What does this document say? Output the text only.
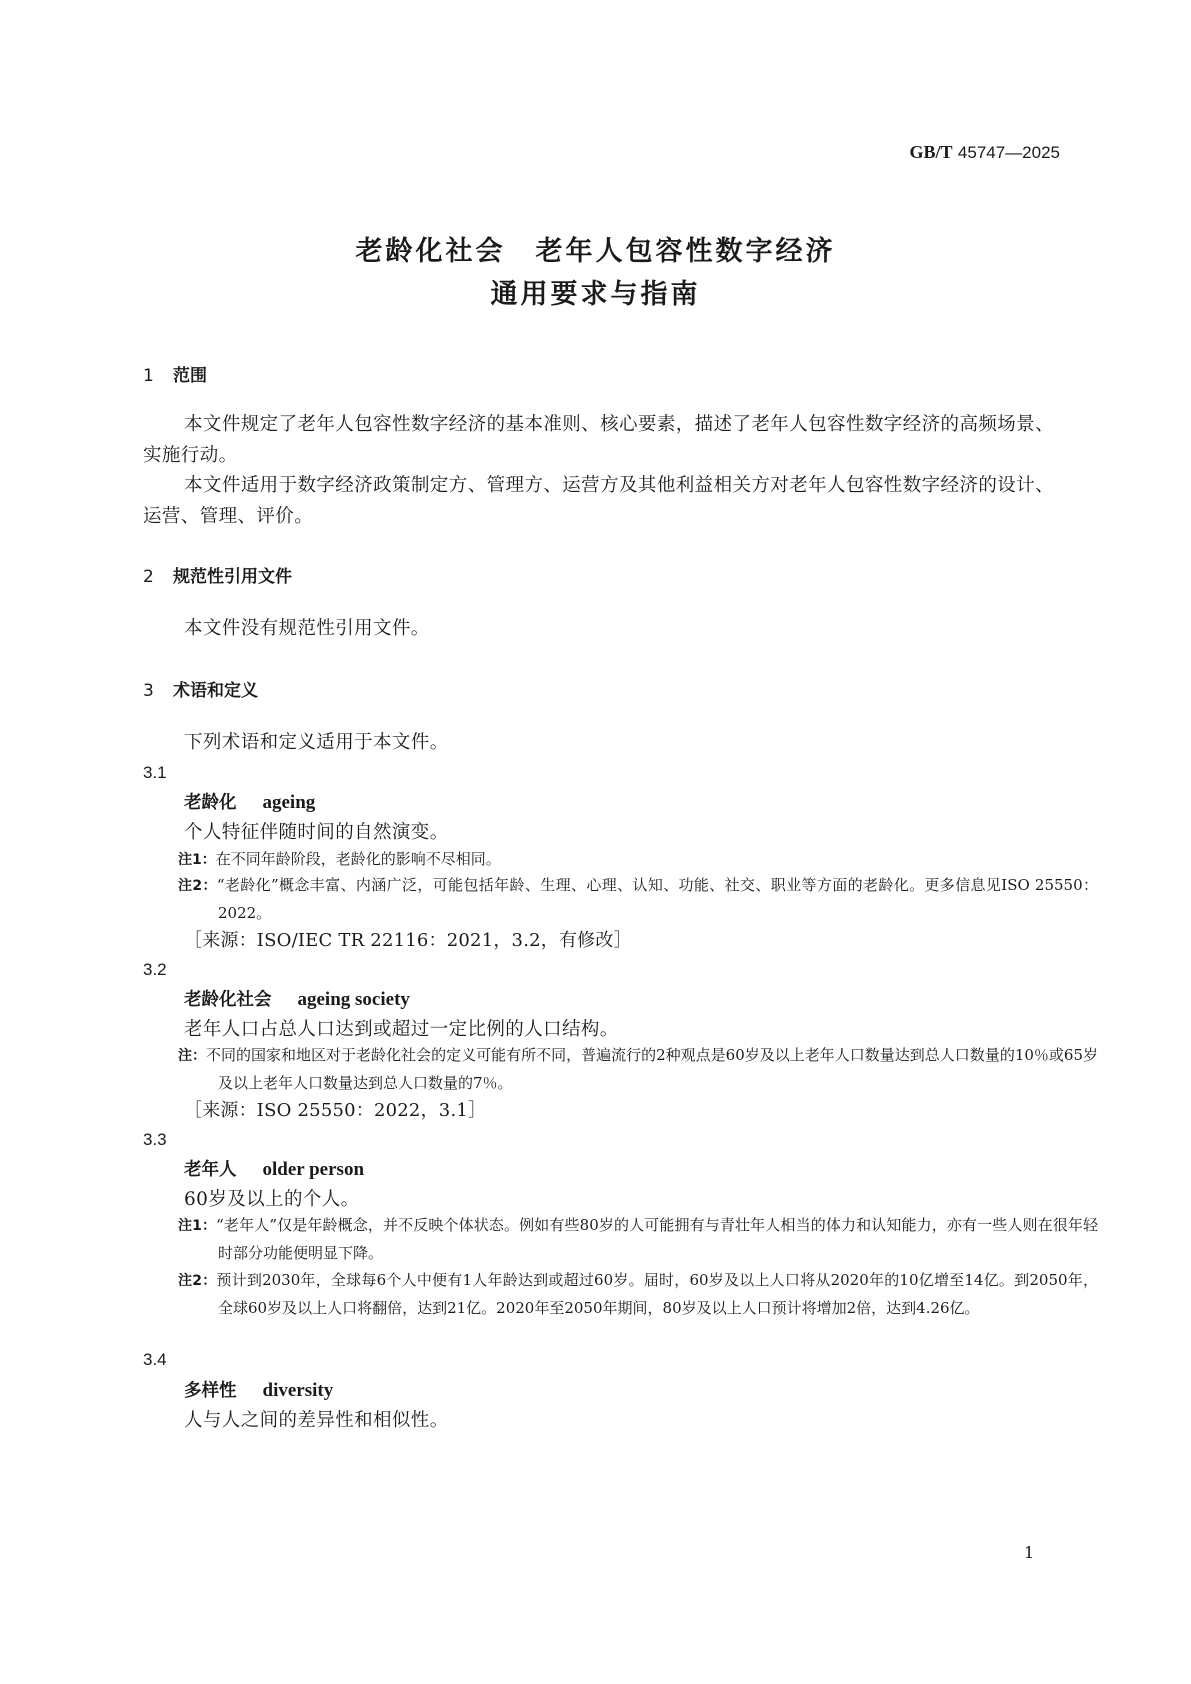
GB/T 45747—2025
老龄化社会　老年人包容性数字经济
通用要求与指南
1 范围
本文件规定了老年人包容性数字经济的基本准则、核心要素，描述了老年人包容性数字经济的高频场景、实施行动。
本文件适用于数字经济政策制定方、管理方、运营方及其他利益相关方对老年人包容性数字经济的设计、运营、管理、评价。
2 规范性引用文件
本文件没有规范性引用文件。
3 术语和定义
下列术语和定义适用于本文件。
3.1
老龄化 ageing
个人特征伴随时间的自然演变。
注1：在不同年龄阶段，老龄化的影响不尽相同。
注2：“老龄化”概念丰富、内涵广泛，可能包括年龄、生理、心理、认知、功能、社交、职业等方面的老龄化。更多信息见ISO 25550：2022。
［来源：ISO/IEC TR 22116：2021，3.2，有修改］
3.2
老龄化社会 ageing society
老年人口占总人口达到或超过一定比例的人口结构。
注：不同的国家和地区对于老龄化社会的定义可能有所不同，普遍流行的2种观点是60岁及以上老年人口数量达到总人口数量的10％或65岁及以上老年人口数量达到总人口数量的7％。
［来源：ISO 25550：2022，3.1］
3.3
老年人 older person
60岁及以上的个人。
注1：“老年人”仅是年龄概念，并不反映个体状态。例如有些80岁的人可能拥有与青壮年人相当的体力和认知能力，亦有一些人则在很年轻时部分功能便明显下降。
注2：预计到2030年，全球每6个人中便有1人年龄达到或超过60岁。届时，60岁及以上人口将从2020年的10亿增至14亿。到2050年，全球60岁及以上人口将翻倍，达到21亿。2020年至2050年期间，80岁及以上人口预计将增加2倍，达到4.26亿。
3.4
多样性 diversity
人与人之间的差异性和相似性。
1
